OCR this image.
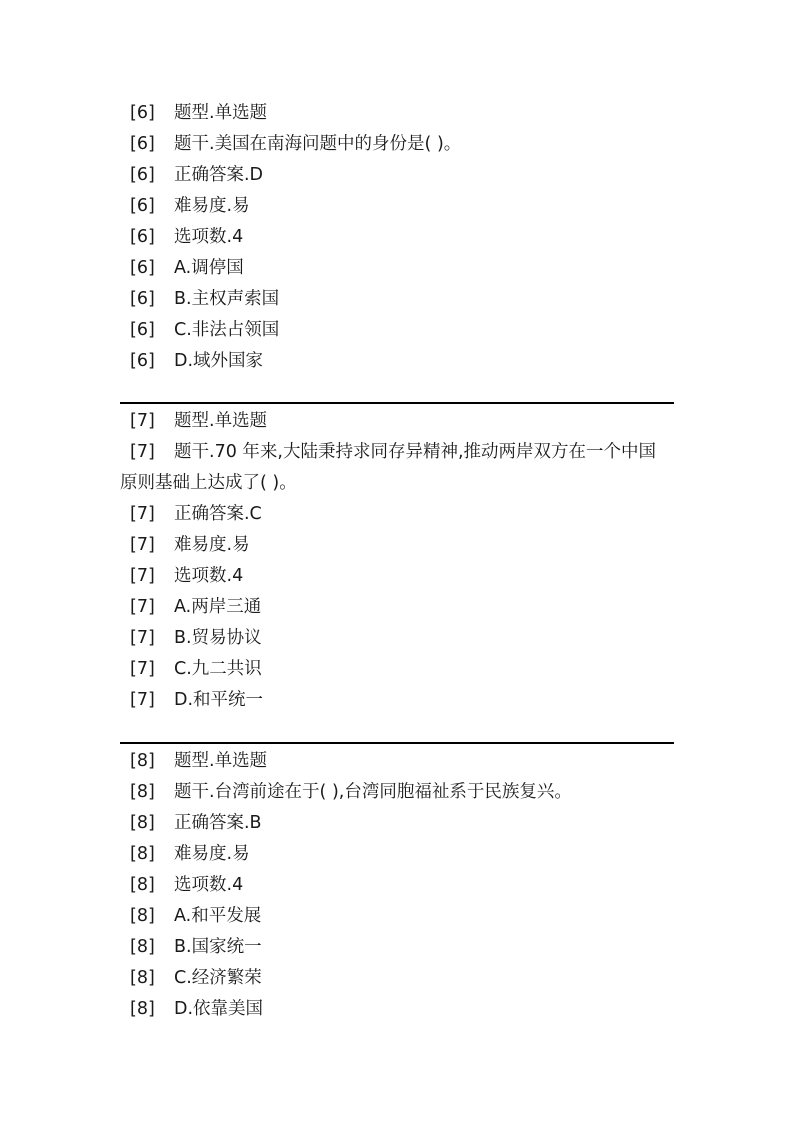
[6] 题型.单选题
[6] 题干.美国在南海问题中的身份是( )。
[6] 正确答案.D
[6] 难易度.易
[6] 选项数.4
[6] A.调停国
[6] B.主权声索国
[6] C.非法占领国
[6] D.域外国家
[7] 题型.单选题
[7] 题干.70 年来,大陆秉持求同存异精神,推动两岸双方在一个中国
原则基础上达成了( )。
[7] 正确答案.C
[7] 难易度.易
[7] 选项数.4
[7] A.两岸三通
[7] B.贸易协议
[7] C.九二共识
[7] D.和平统一
[8] 题型.单选题
[8] 题干.台湾前途在于( ),台湾同胞福祉系于民族复兴。
[8] 正确答案.B
[8] 难易度.易
[8] 选项数.4
[8] A.和平发展
[8] B.国家统一
[8] C.经济繁荣
[8] D.依靠美国
